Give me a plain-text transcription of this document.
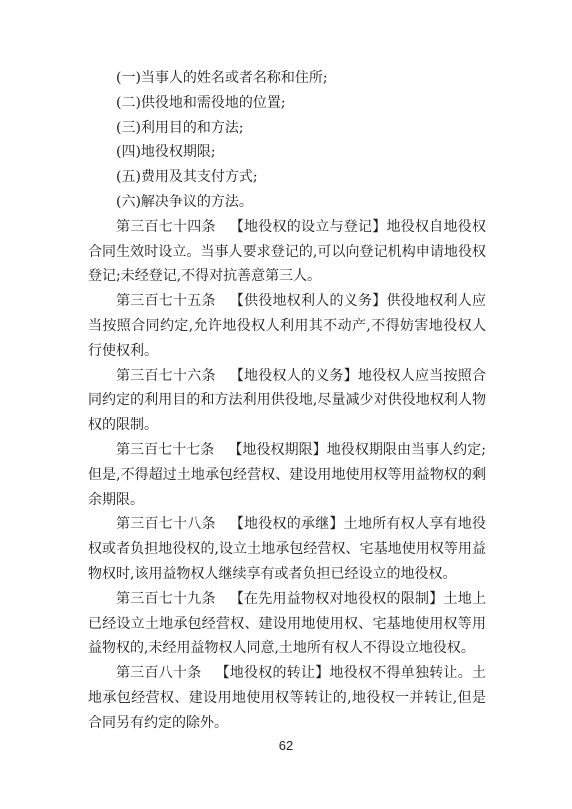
(一)当事人的姓名或者名称和住所;

(二)供役地和需役地的位置;

(三)利用目的和方法;

(四)地役权期限;

(五)费用及其支付方式;

(六)解决争议的方法。

第三百七十四条 【地役权的设立与登记】地役权自地役权合同生效时设立。当事人要求登记的,可以向登记机构申请地役权登记;未经登记,不得对抗善意第三人。

第三百七十五条 【供役地权利人的义务】供役地权利人应当按照合同约定,允许地役权人利用其不动产,不得妨害地役权人行使权利。

第三百七十六条 【地役权人的义务】地役权人应当按照合同约定的利用目的和方法利用供役地,尽量减少对供役地权利人物权的限制。

第三百七十七条 【地役权期限】地役权期限由当事人约定;但是,不得超过土地承包经营权、建设用地使用权等用益物权的剩余期限。

第三百七十八条 【地役权的承继】土地所有权人享有地役权或者负担地役权的,设立土地承包经营权、宅基地使用权等用益物权时,该用益物权人继续享有或者负担已经设立的地役权。

第三百七十九条 【在先用益物权对地役权的限制】土地上已经设立土地承包经营权、建设用地使用权、宅基地使用权等用益物权的,未经用益物权人同意,土地所有权人不得设立地役权。

第三百八十条 【地役权的转让】地役权不得单独转让。土地承包经营权、建设用地使用权等转让的,地役权一并转让,但是合同另有约定的除外。

62
